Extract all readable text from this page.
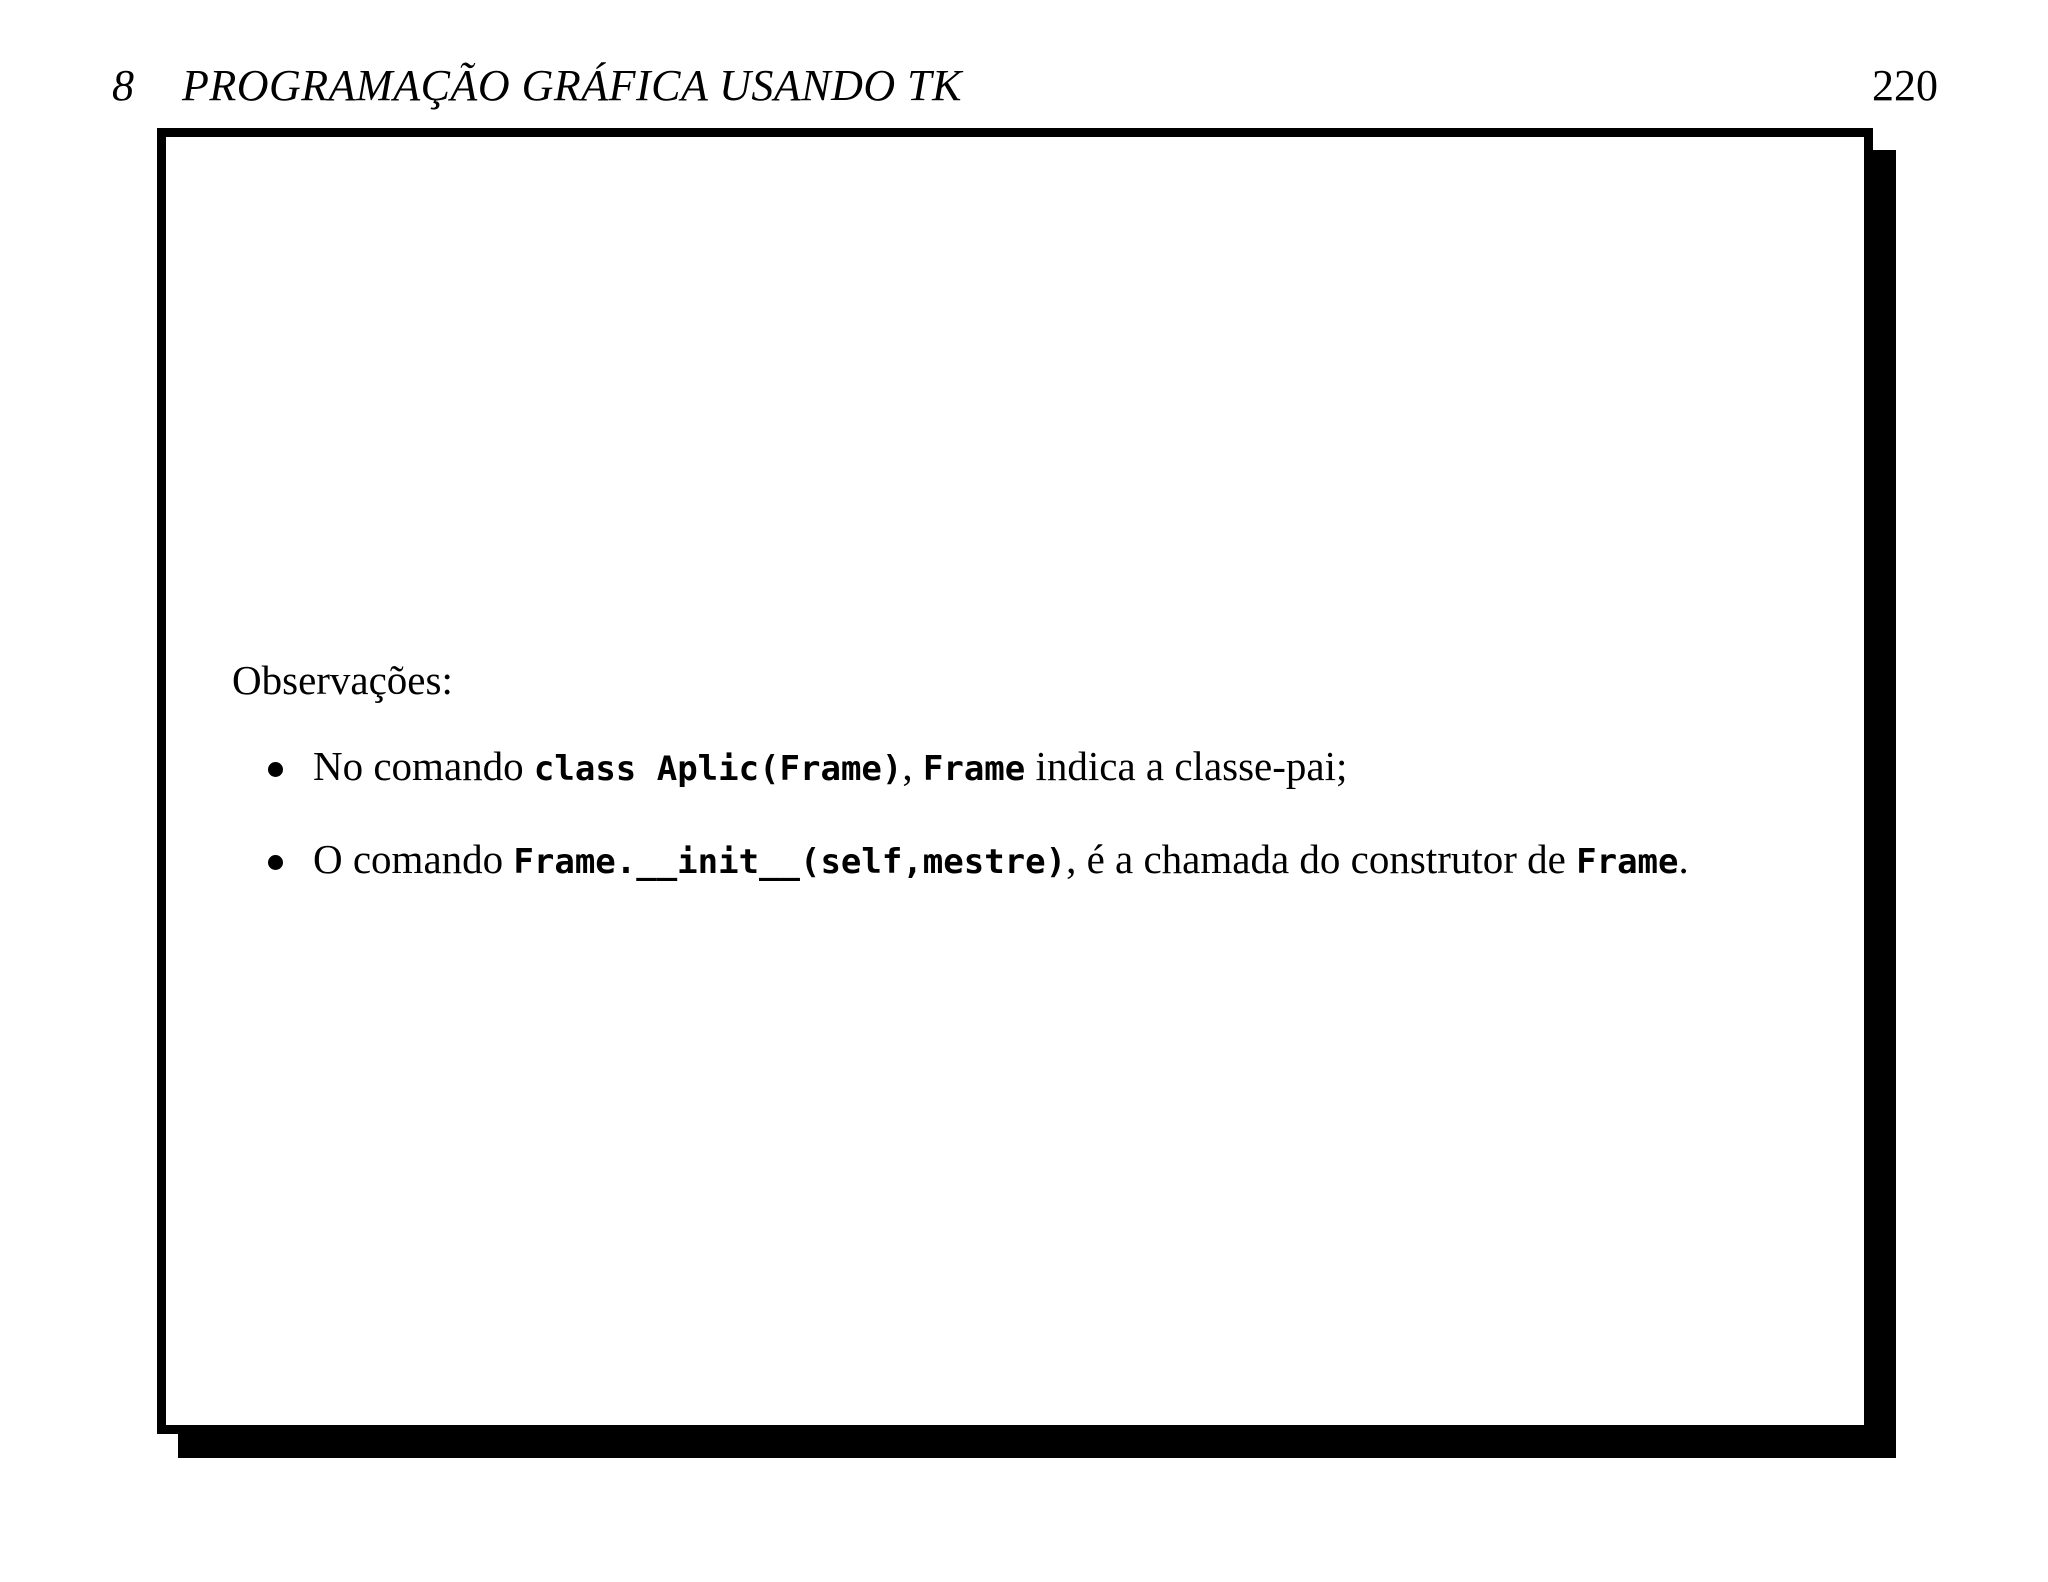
8 PROGRAMAÇÃO GRÁFICA USANDO TK	220
Observações:
No comando class Aplic(Frame), Frame indica a classe-pai;
O comando Frame.__init__(self,mestre), é a chamada do construtor de Frame.
